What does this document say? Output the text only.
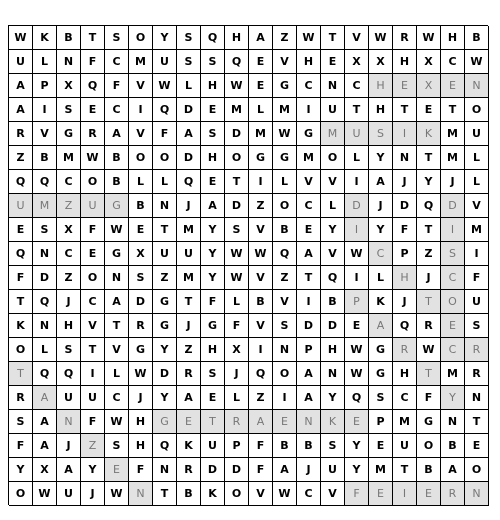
W	K	B	T	S	O	Y	S	Q	H	A	Z	W	T	V	W	R	W	H	B
U	L	N	F	C	M	U	S	S	Q	E	V	H	E	X	X	H	X	C	W
A	P	X	Q	F	V	W	L	H	W	E	G	C	N	C	H	E	X	E	N
A	I	S	E	C	I	Q	D	E	M	L	M	I	U	T	H	T	E	T	O
R	V	G	R	A	V	F	A	S	D	M	W	G	M	U	S	I	K	M	U
Z	B	M	W	B	O	O	D	H	O	G	G	M	O	L	Y	N	T	M	L
Q	Q	C	O	B	L	L	Q	E	T	I	L	V	V	I	A	J	Y	J	L
U	M	Z	U	G	B	N	J	A	D	Z	O	C	L	D	J	D	Q	D	V
E	S	X	F	W	E	T	M	Y	S	V	B	E	Y	I	Y	F	T	I	M
Q	N	C	E	G	X	U	U	Y	W	W	Q	A	V	W	C	P	Z	S	I
F	D	Z	O	N	S	Z	M	Y	W	V	Z	T	Q	I	L	H	J	C	F
T	Q	J	C	A	D	G	T	F	L	B	V	I	B	P	K	J	T	O	U
K	N	H	V	T	R	G	J	G	F	V	S	D	D	E	A	Q	R	E	S
O	L	S	T	V	G	Y	Z	H	X	I	N	P	H	W	G	R	W	C	R
T	Q	Q	I	L	W	D	R	S	J	Q	O	A	N	W	G	H	T	M	R
R	A	U	U	C	J	Y	A	E	L	Z	I	A	Y	Q	S	C	F	Y	N
S	A	N	F	W	H	G	E	T	R	A	E	N	K	E	P	M	G	N	T
F	A	J	Z	S	H	Q	K	U	P	F	B	B	S	Y	E	U	O	B	E
Y	X	A	Y	E	F	N	R	D	D	F	A	J	U	Y	M	T	B	A	O
O	W	U	J	W	N	T	B	K	O	V	W	C	V	F	E	I	E	R	N
